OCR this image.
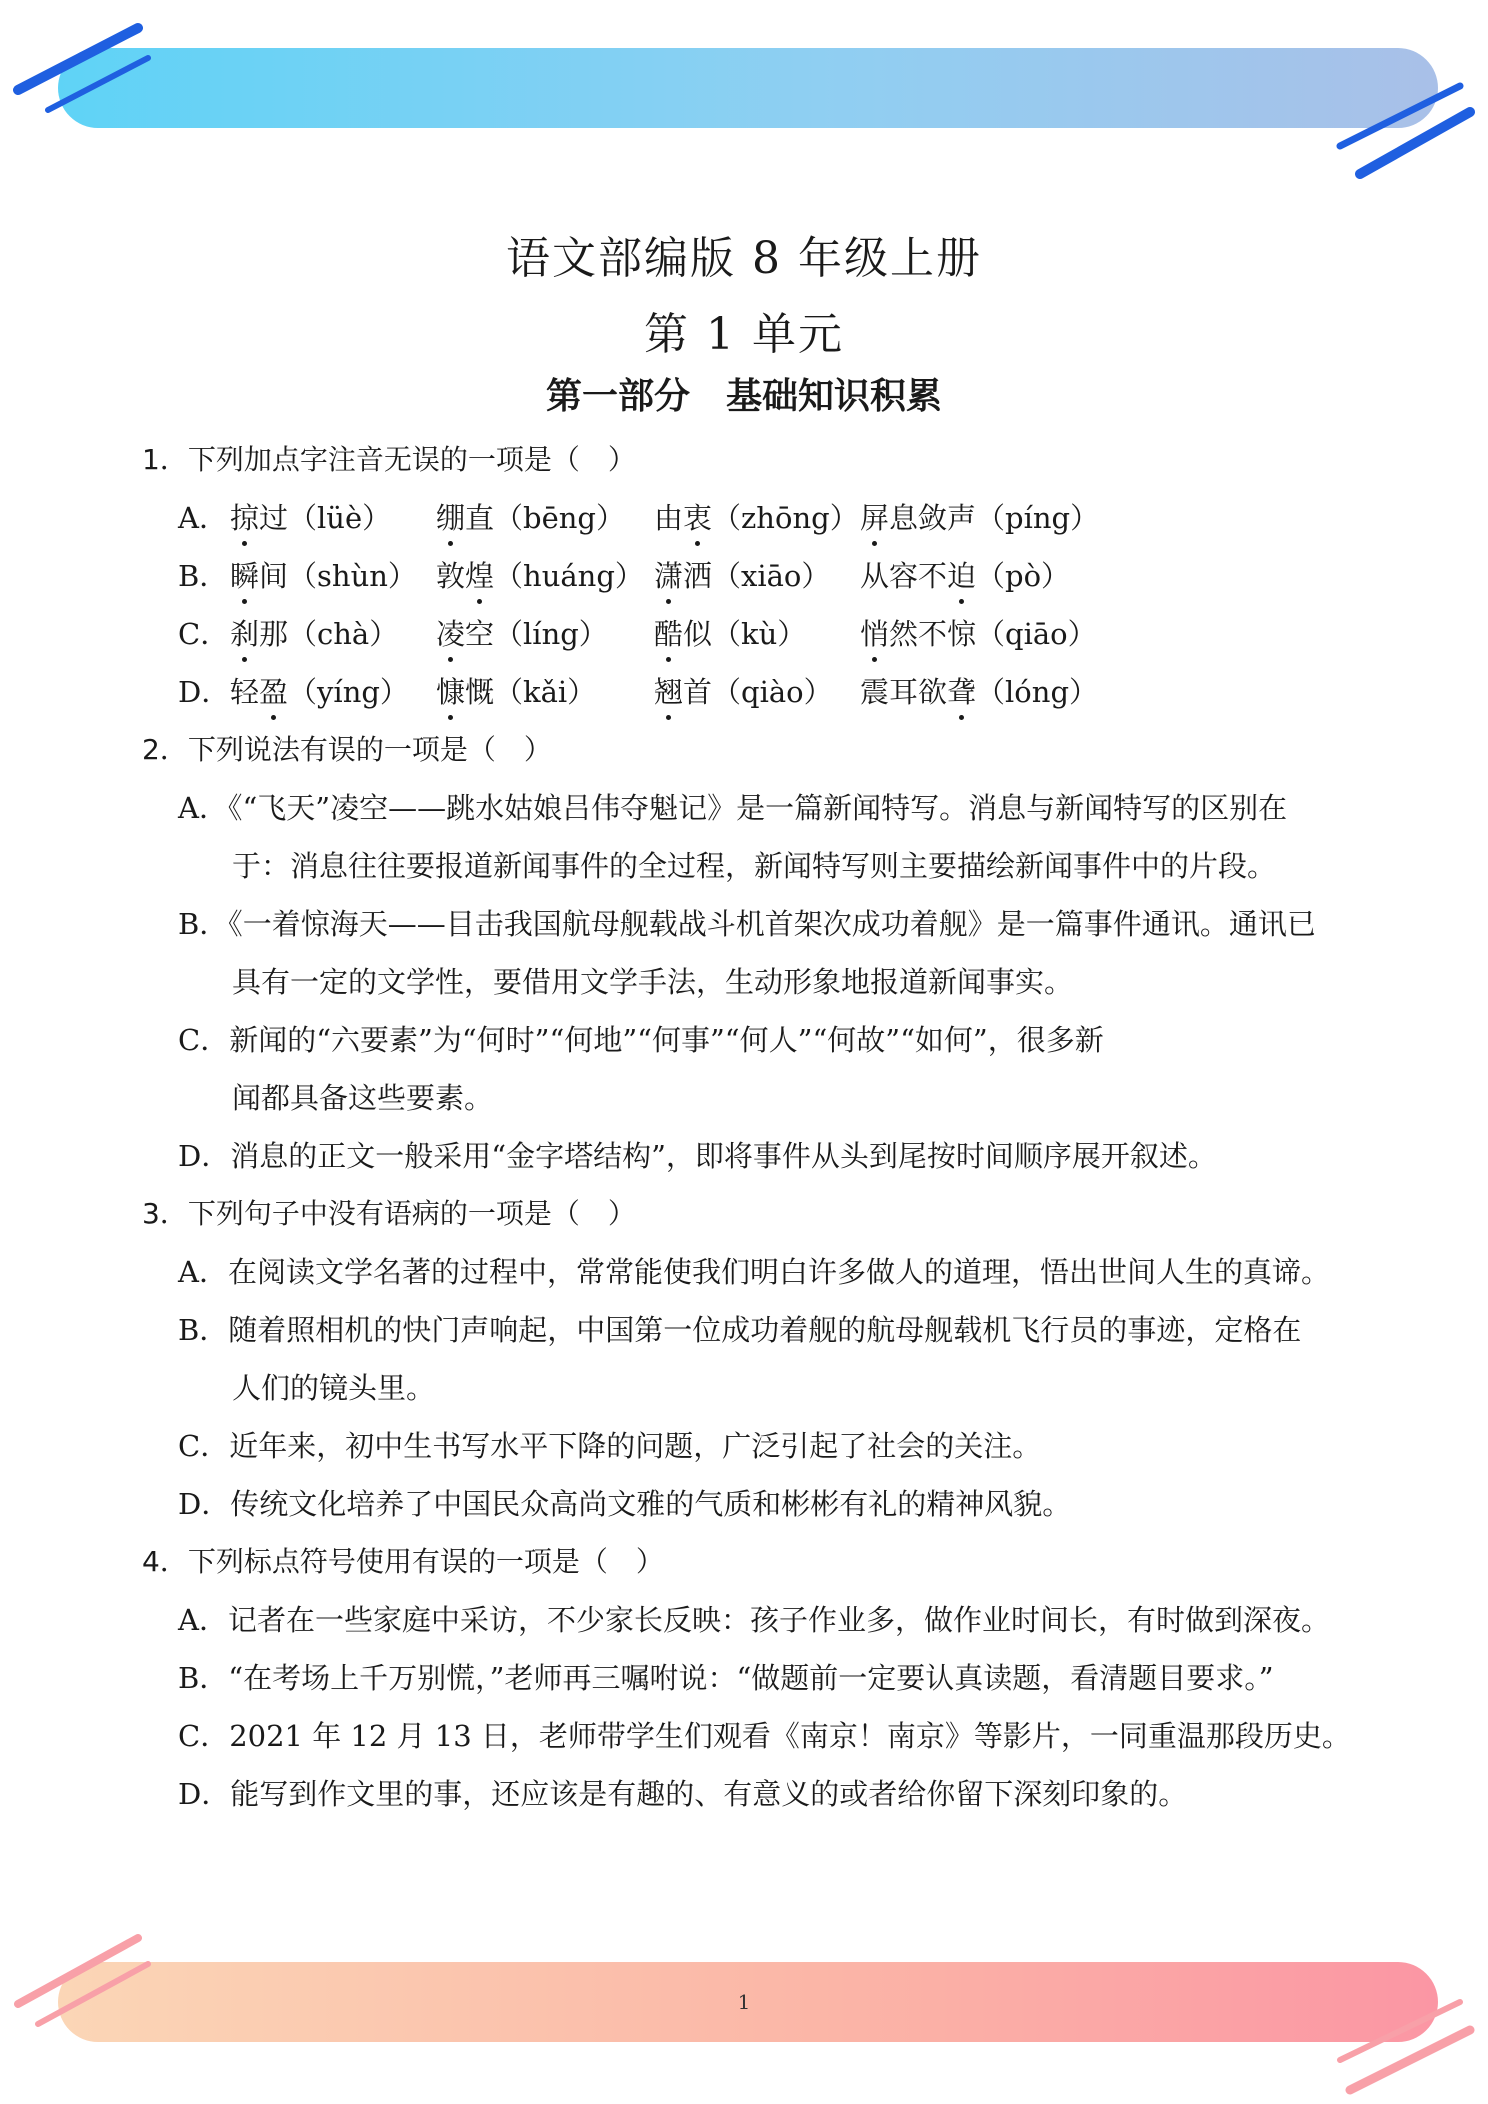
语文部编版 8 年级上册
第 1 单元
第一部分 基础知识积累
1．下列加点字注音无误的一项是（　）
A． 掠过（lüè） 绷直（bēng） 由衷（zhōng） 屏息敛声（píng）
B． 瞬间（shùn） 敦煌（huáng） 潇洒（xiāo） 从容不迫（pò）
C． 刹那（chà） 凌空（líng） 酷似（kù） 悄然不惊（qiāo）
D． 轻盈（yíng） 慷慨（kǎi） 翘首（qiào） 震耳欲聋（lóng）
2．下列说法有误的一项是（　）
A．《“飞天”凌空——跳水姑娘吕伟夺魁记》是一篇新闻特写。消息与新闻特写的区别在
于：消息往往要报道新闻事件的全过程，新闻特写则主要描绘新闻事件中的片段。
B．《一着惊海天——目击我国航母舰载战斗机首架次成功着舰》是一篇事件通讯。通讯已
具有一定的文学性，要借用文学手法，生动形象地报道新闻事实。
C．新闻的“六要素”为“何时”“何地”“何事”“何人”“何故”“如何”，很多新
闻都具备这些要素。
D．消息的正文一般采用“金字塔结构”，即将事件从头到尾按时间顺序展开叙述。
3．下列句子中没有语病的一项是（　）
A．在阅读文学名著的过程中，常常能使我们明白许多做人的道理，悟出世间人生的真谛。
B．随着照相机的快门声响起，中国第一位成功着舰的航母舰载机飞行员的事迹，定格在
人们的镜头里。
C．近年来，初中生书写水平下降的问题，广泛引起了社会的关注。
D．传统文化培养了中国民众高尚文雅的气质和彬彬有礼的精神风貌。
4．下列标点符号使用有误的一项是（　）
A．记者在一些家庭中采访，不少家长反映：孩子作业多，做作业时间长，有时做到深夜。
B．“在考场上千万别慌，”老师再三嘱咐说：“做题前一定要认真读题，看清题目要求。”
C．2021 年 12 月 13 日，老师带学生们观看《南京！南京》等影片，一同重温那段历史。
D．能写到作文里的事，还应该是有趣的、有意义的或者给你留下深刻印象的。
1
